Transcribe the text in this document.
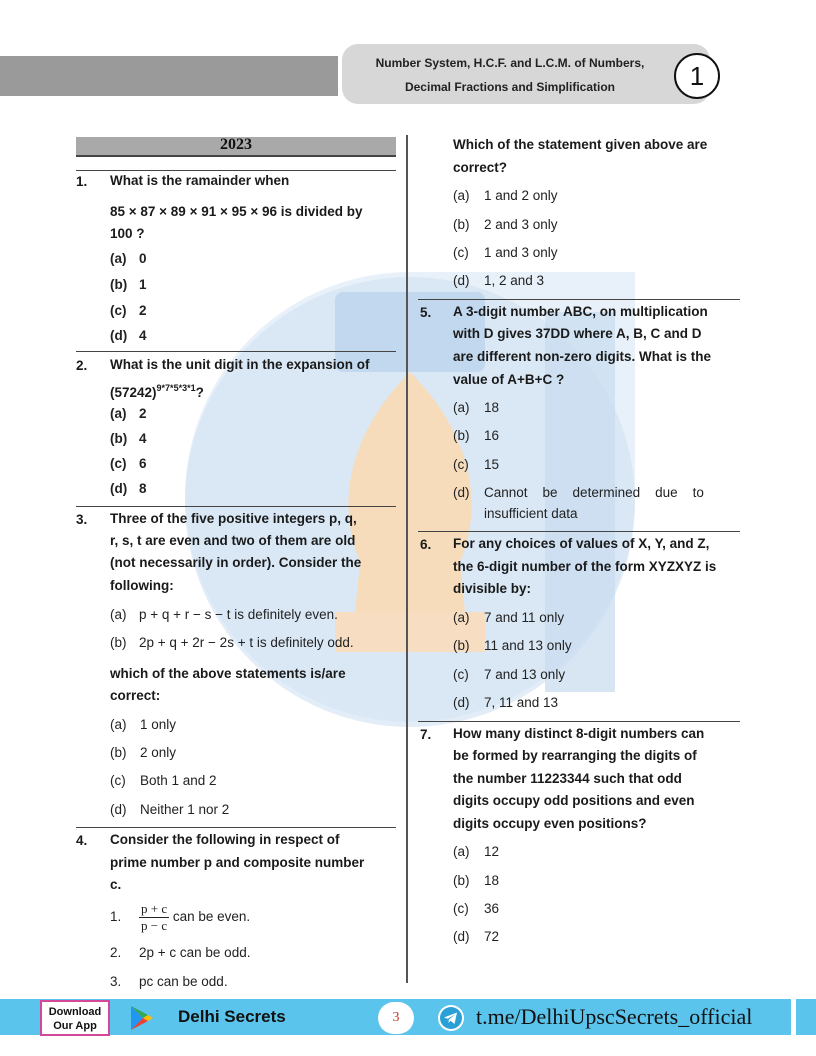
Number System, H.C.F. and L.C.M. of Numbers,
Decimal Fractions and Simplification	1
2023
1. What is the ramainder when
85 × 87 × 89 × 91 × 95 × 96 is divided by
100 ?
(a) 0
(b) 1
(c) 2
(d) 4
2. What is the unit digit in the expansion of
$(57242)^{9*7*5*3*1}$?
(a) 2
(b) 4
(c) 6
(d) 8
3. Three of the five positive integers p, q,
r, s, t are even and two of them are old
(not necessarily in order). Consider the
following:
(a) p + q + r − s − t is definitely even.
(b) 2p + q + 2r − 2s + t is definitely odd.
which of the above statements is/are
correct:
(a) 1 only
(b) 2 only
(c) Both 1 and 2
(d) Neither 1 nor 2
4. Consider the following in respect of
prime number p and composite number
c.
1. $\frac{p + c}{p - c}$ can be even.
2. 2p + c can be odd.
3. pc can be odd.
Which of the statement given above are
correct?
(a) 1 and 2 only
(b) 2 and 3 only
(c) 1 and 3 only
(d) 1, 2 and 3
5. A 3-digit number ABC, on multiplication
with D gives 37DD where A, B, C and D
are different non-zero digits. What is the
value of A+B+C ?
(a) 18
(b) 16
(c) 15
(d) Cannot    be    determined    due    to
insufficient data
6. For any choices of values of X, Y, and Z,
the 6-digit number of the form XYZXYZ is
divisible by:
(a) 7 and 11 only
(b) 11 and 13 only
(c) 7 and 13 only
(d) 7, 11 and 13
7. How many distinct 8-digit numbers can
be formed by rearranging the digits of
the number 11223344 such that odd
digits occupy odd positions and even
digits occupy even positions?
(a) 12
(b) 18
(c) 36
(d) 72
Download
Our App	Delhi Secrets	3	t.me/DelhiUpscSecrets_official
